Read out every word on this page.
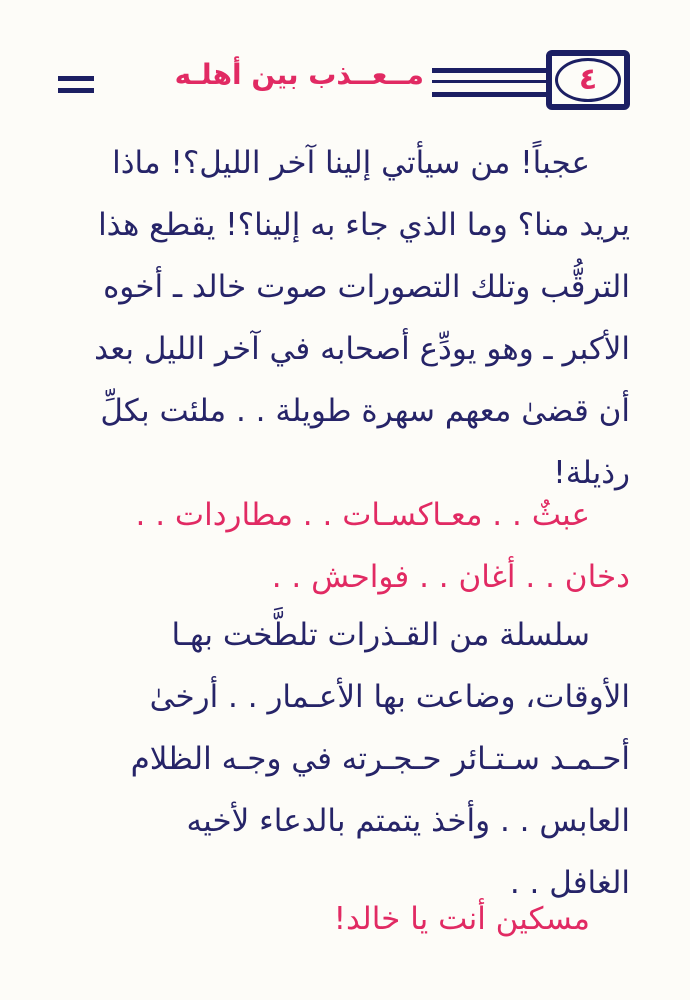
مــعــذب بين أهلـه	٤
عجباً! من سيأتي إلينا آخر الليل؟! ماذا
يريد منا؟ وما الذي جاء به إلينا؟! يقطع هذا
الترقُّب وتلك التصورات صوت خالد ـ أخوه
الأكبر ـ وهو يودِّع أصحابه في آخر الليل بعد
أن قضىٰ معهم سهرة طويلة . . ملئت بكلِّ
رذيلة!
عبثٌ . . معـاكسـات . . مطاردات . .
دخان . . أغان . . فواحش . .
سلسلة من القـذرات تلطَّخت بهـا
الأوقات، وضاعت بها الأعـمار . . أرخىٰ
أحـمـد سـتـائر حـجـرته في وجـه الظلام
العابس . . وأخذ يتمتم بالدعاء لأخيه
الغافل . .
مسكين أنت يا خالد!
